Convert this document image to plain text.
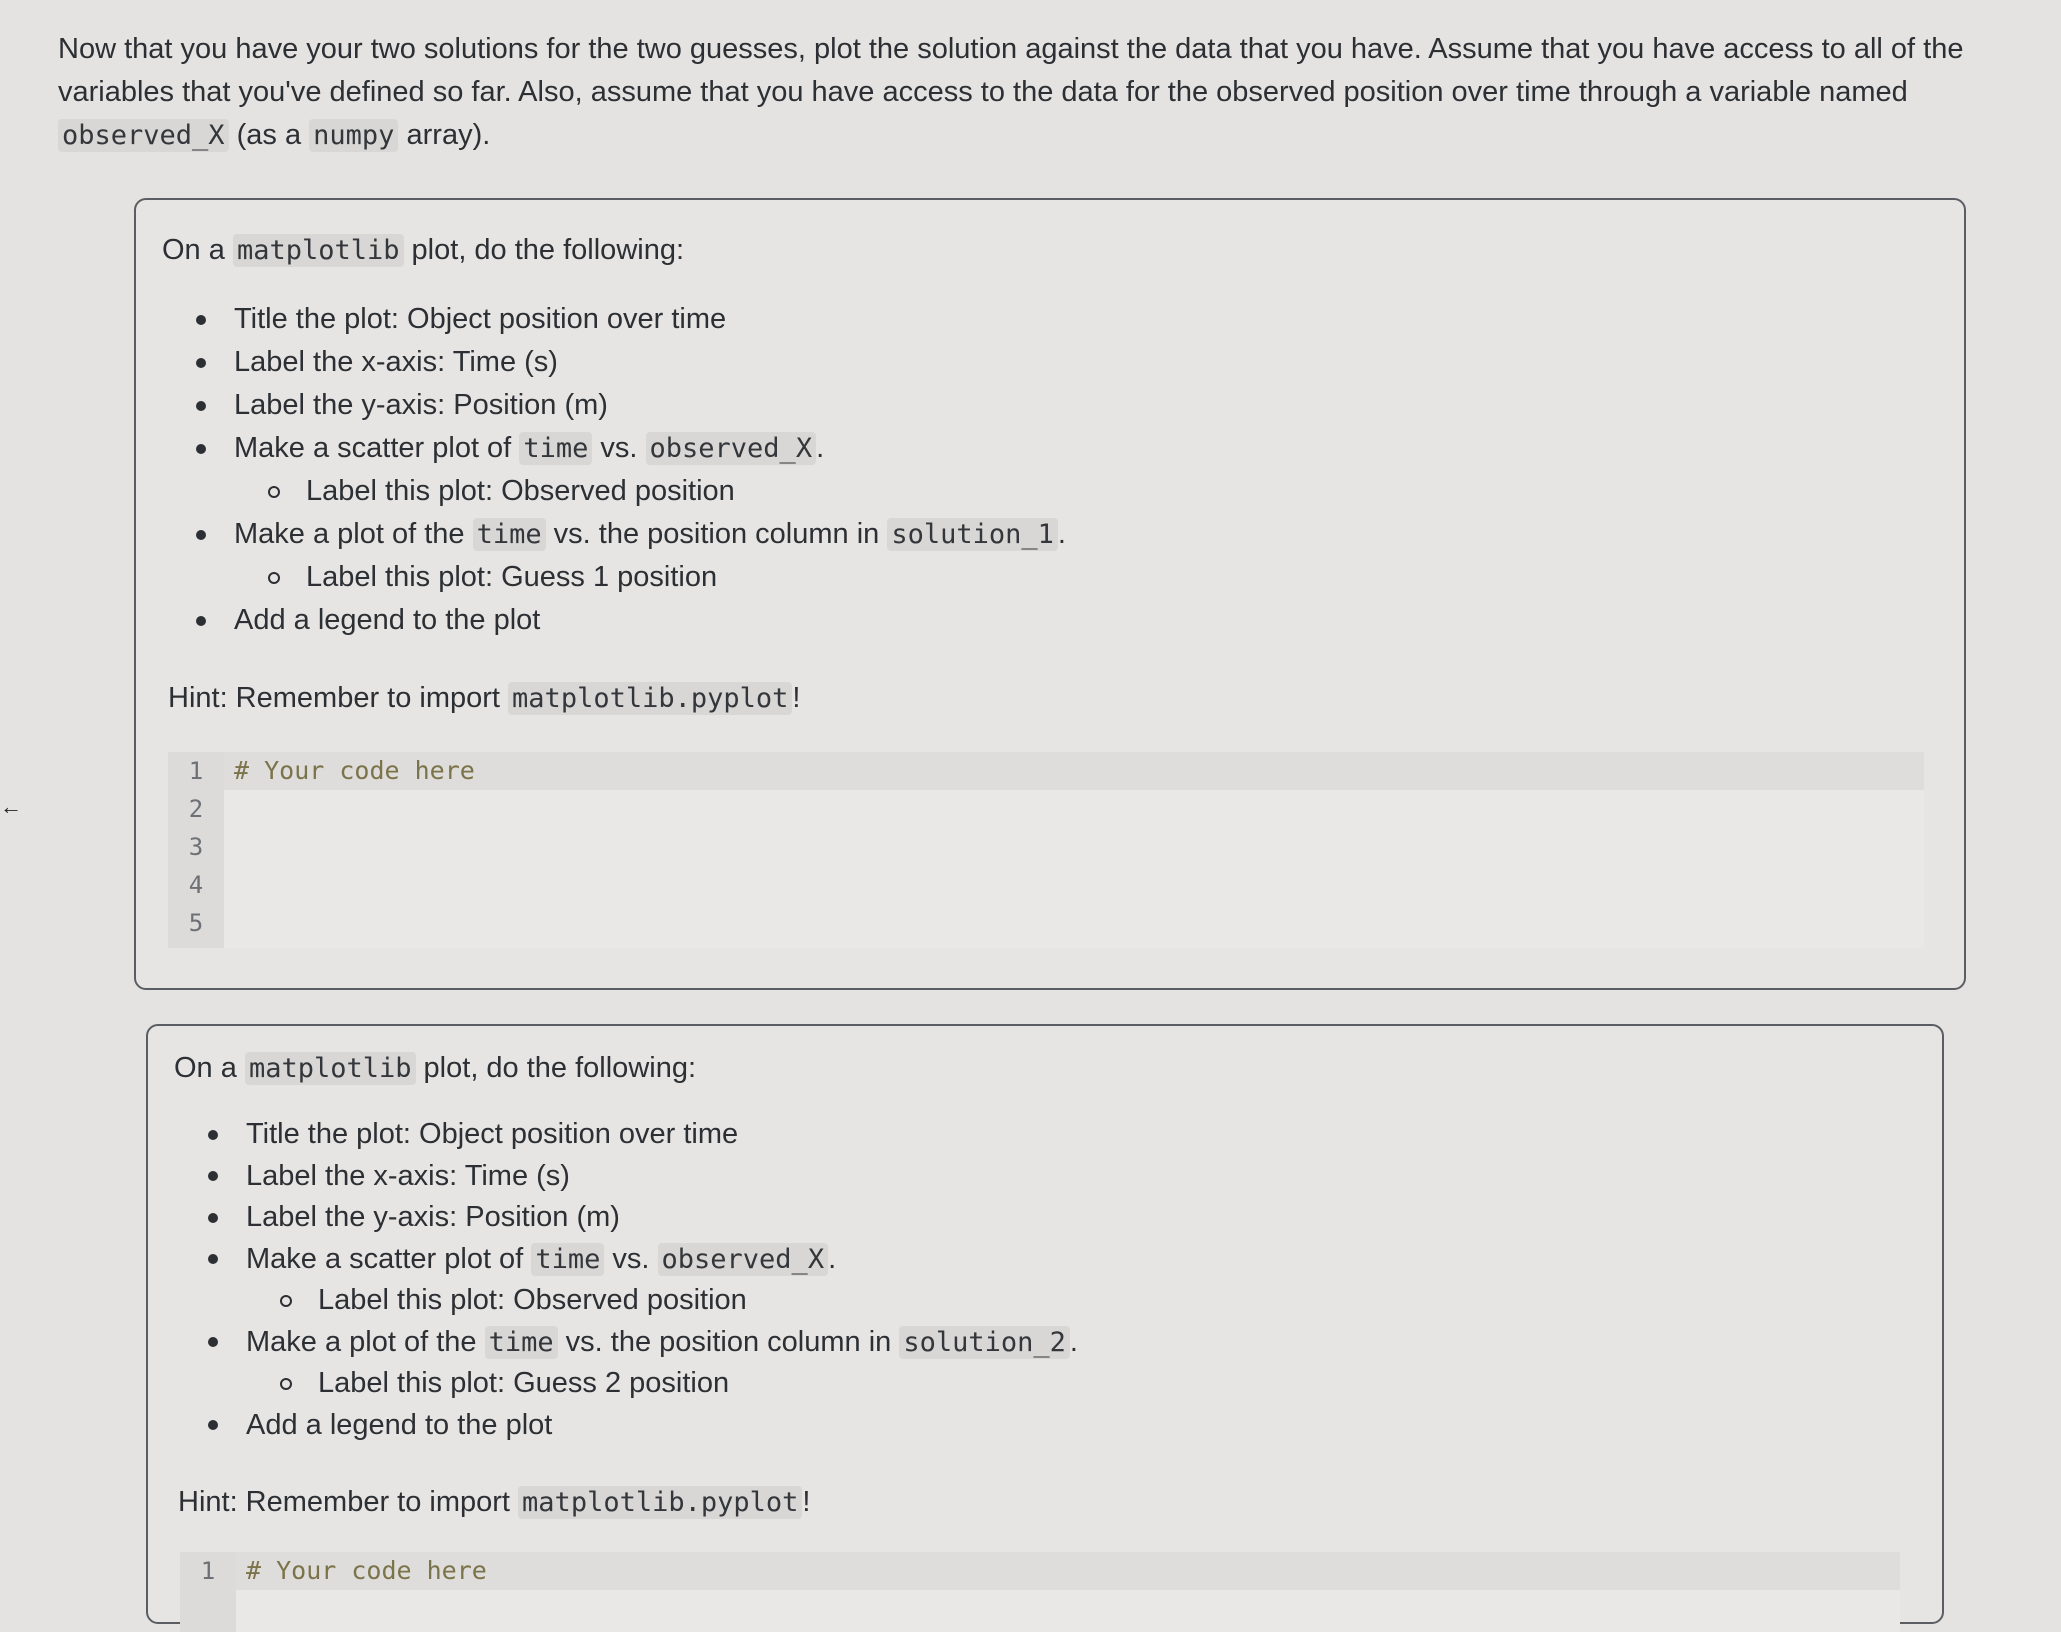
Now that you have your two solutions for the two guesses, plot the solution against the data that you have. Assume that you have access to all of the variables that you've defined so far. Also, assume that you have access to the data for the observed position over time through a variable named observed_X (as a numpy array).

←
On a matplotlib plot, do the following:
Title the plot: Object position over time
Label the x-axis: Time (s)
Label the y-axis: Position (m)
Make a scatter plot of time vs. observed_X .
Label this plot: Observed position
Make a plot of the time vs. the position column in solution_1 .
Label this plot: Guess 1 position
Add a legend to the plot
Hint: Remember to import matplotlib.pyplot !
1
2
3
4
5
# Your code here
On a matplotlib plot, do the following:
Title the plot: Object position over time
Label the x-axis: Time (s)
Label the y-axis: Position (m)
Make a scatter plot of time vs. observed_X .
Label this plot: Observed position
Make a plot of the time vs. the position column in solution_2 .
Label this plot: Guess 2 position
Add a legend to the plot
Hint: Remember to import matplotlib.pyplot !
1	# Your code here
